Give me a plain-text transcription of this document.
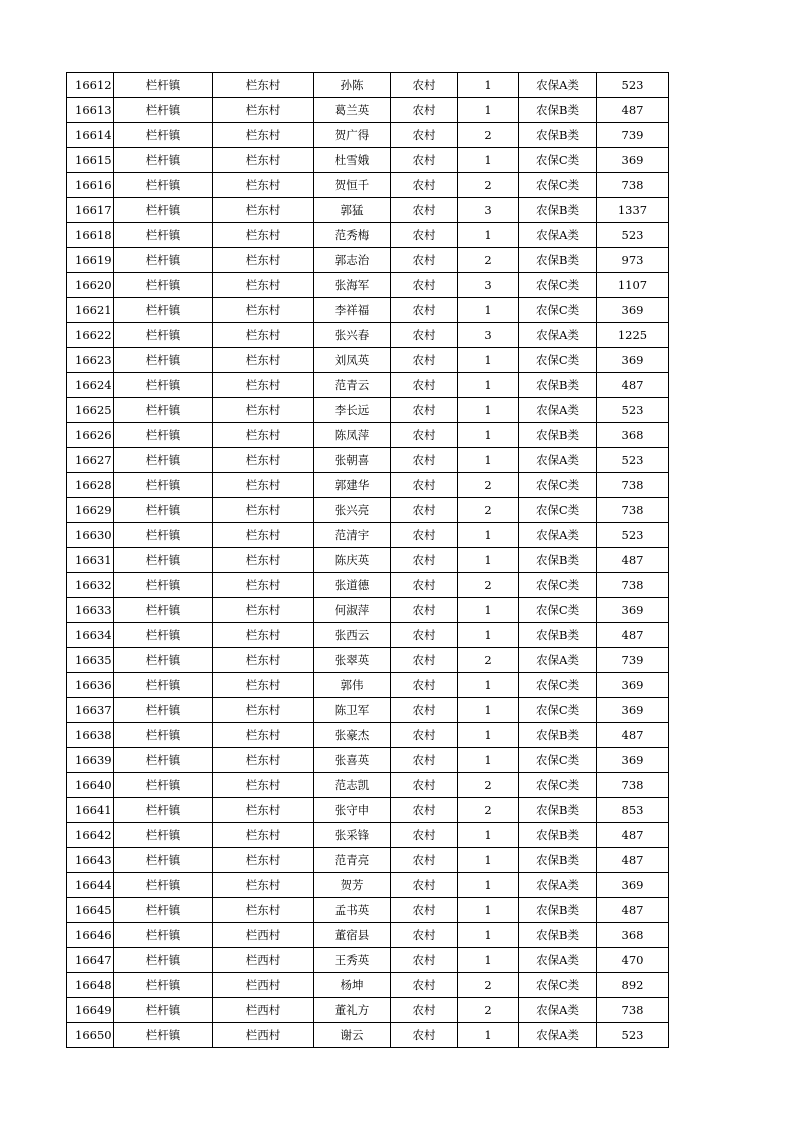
16612	栏杆镇	栏东村	孙陈	农村	1	农保A类	523
16613	栏杆镇	栏东村	葛兰英	农村	1	农保B类	487
16614	栏杆镇	栏东村	贺广得	农村	2	农保B类	739
16615	栏杆镇	栏东村	杜雪娥	农村	1	农保C类	369
16616	栏杆镇	栏东村	贺恒千	农村	2	农保C类	738
16617	栏杆镇	栏东村	郭猛	农村	3	农保B类	1337
16618	栏杆镇	栏东村	范秀梅	农村	1	农保A类	523
16619	栏杆镇	栏东村	郭志治	农村	2	农保B类	973
16620	栏杆镇	栏东村	张海军	农村	3	农保C类	1107
16621	栏杆镇	栏东村	李祥福	农村	1	农保C类	369
16622	栏杆镇	栏东村	张兴春	农村	3	农保A类	1225
16623	栏杆镇	栏东村	刘凤英	农村	1	农保C类	369
16624	栏杆镇	栏东村	范青云	农村	1	农保B类	487
16625	栏杆镇	栏东村	李长远	农村	1	农保A类	523
16626	栏杆镇	栏东村	陈凤萍	农村	1	农保B类	368
16627	栏杆镇	栏东村	张朝喜	农村	1	农保A类	523
16628	栏杆镇	栏东村	郭建华	农村	2	农保C类	738
16629	栏杆镇	栏东村	张兴亮	农村	2	农保C类	738
16630	栏杆镇	栏东村	范清宇	农村	1	农保A类	523
16631	栏杆镇	栏东村	陈庆英	农村	1	农保B类	487
16632	栏杆镇	栏东村	张道德	农村	2	农保C类	738
16633	栏杆镇	栏东村	何淑萍	农村	1	农保C类	369
16634	栏杆镇	栏东村	张西云	农村	1	农保B类	487
16635	栏杆镇	栏东村	张翠英	农村	2	农保A类	739
16636	栏杆镇	栏东村	郭伟	农村	1	农保C类	369
16637	栏杆镇	栏东村	陈卫军	农村	1	农保C类	369
16638	栏杆镇	栏东村	张豪杰	农村	1	农保B类	487
16639	栏杆镇	栏东村	张喜英	农村	1	农保C类	369
16640	栏杆镇	栏东村	范志凯	农村	2	农保C类	738
16641	栏杆镇	栏东村	张守申	农村	2	农保B类	853
16642	栏杆镇	栏东村	张采锋	农村	1	农保B类	487
16643	栏杆镇	栏东村	范青亮	农村	1	农保B类	487
16644	栏杆镇	栏东村	贺芳	农村	1	农保A类	369
16645	栏杆镇	栏东村	孟书英	农村	1	农保B类	487
16646	栏杆镇	栏西村	董宿县	农村	1	农保B类	368
16647	栏杆镇	栏西村	王秀英	农村	1	农保A类	470
16648	栏杆镇	栏西村	杨坤	农村	2	农保C类	892
16649	栏杆镇	栏西村	董礼方	农村	2	农保A类	738
16650	栏杆镇	栏西村	谢云	农村	1	农保A类	523
